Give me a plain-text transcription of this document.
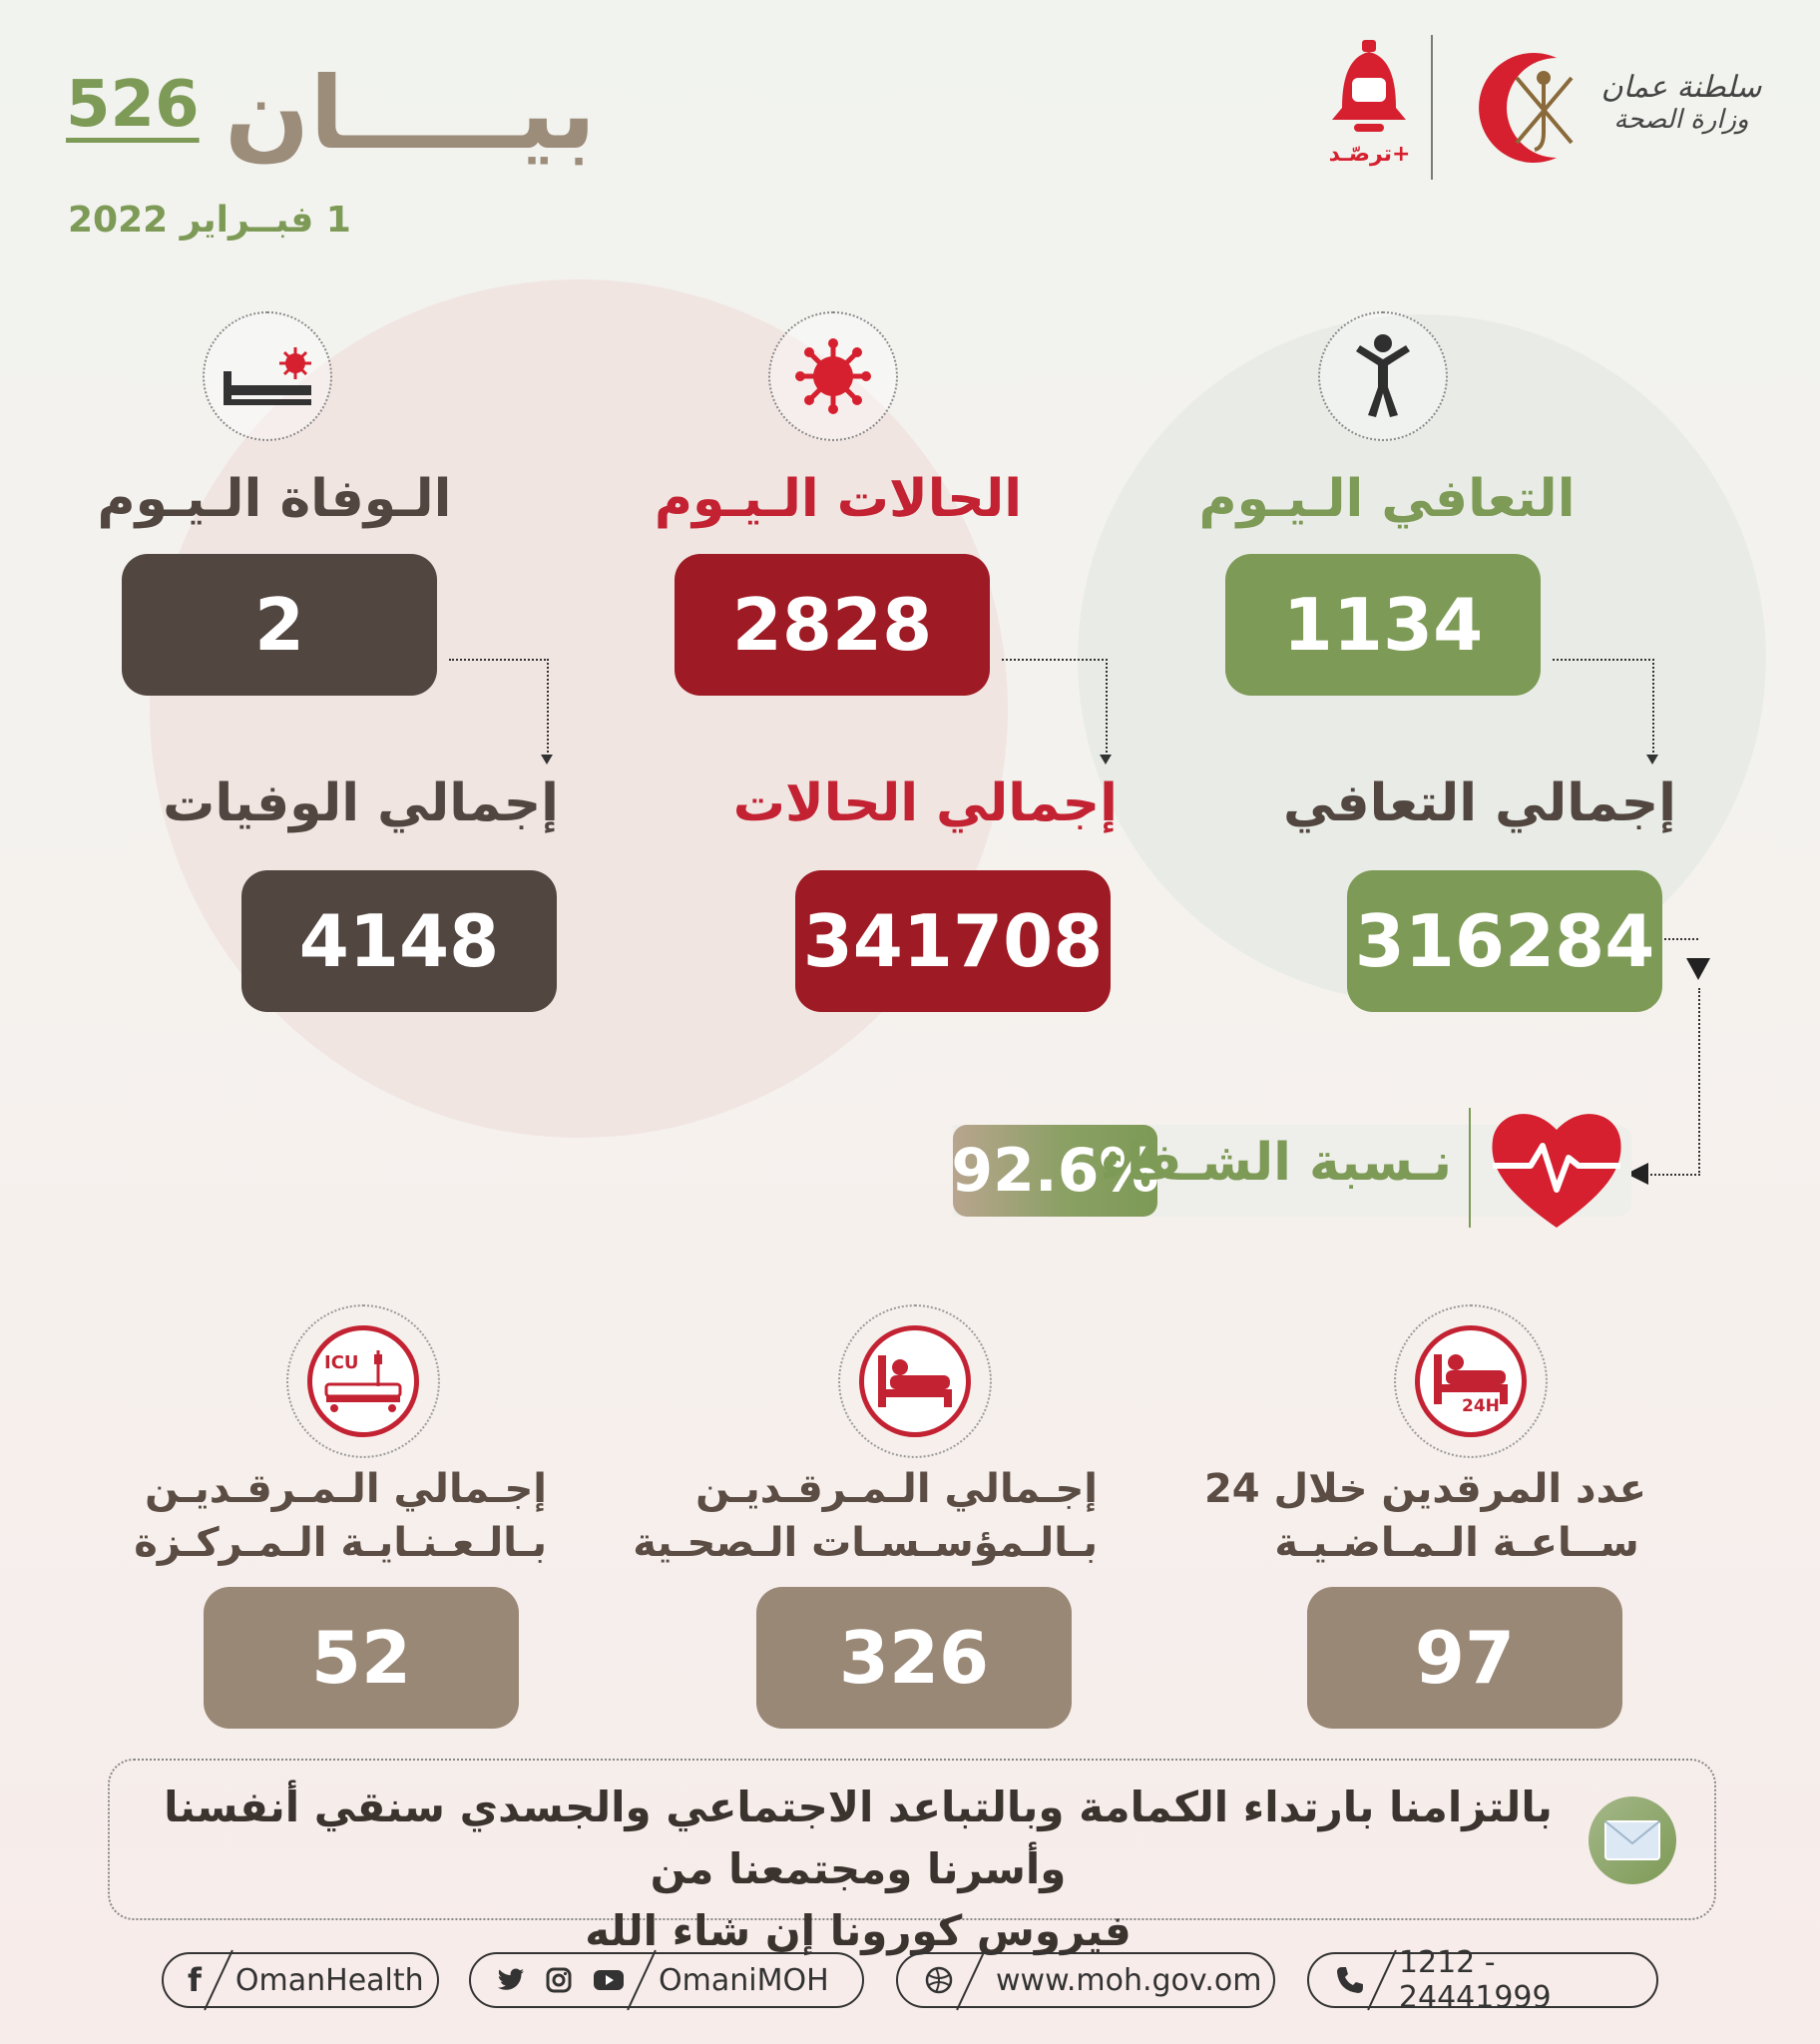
بيـــــان
526
1 فبــراير 2022
سلطنة عمان
وزارة الصحة
ترصّـد+
التعافي الـيـوم
الحالات الـيـوم
الـوفاة الـيـوم
1134
2828
2
إجمالي التعافي
إجمالي الحالات
إجمالي الوفيات
316284
341708
4148
92.6%
نـسبة الشـفاء
24H
ICU
عدد المرقدين خلال 24
ســاعـة الـمـاضـيـة
إجـمالي الـمـرقـديـن
بـالـمؤسـسـات الـصحـية
إجـمالي الـمـرقـديـن
بـالـعـنـايـة الـمـركـزة
97
326
52
بالتزامنا بارتداء الكمامة وبالتباعد الاجتماعي والجسدي سنقي أنفسنا وأسرنا ومجتمعنا من
فيروس كورونا إن شاء الله
f OmanHealth	OmaniMOH	www.moh.gov.om	1212 - 24441999
